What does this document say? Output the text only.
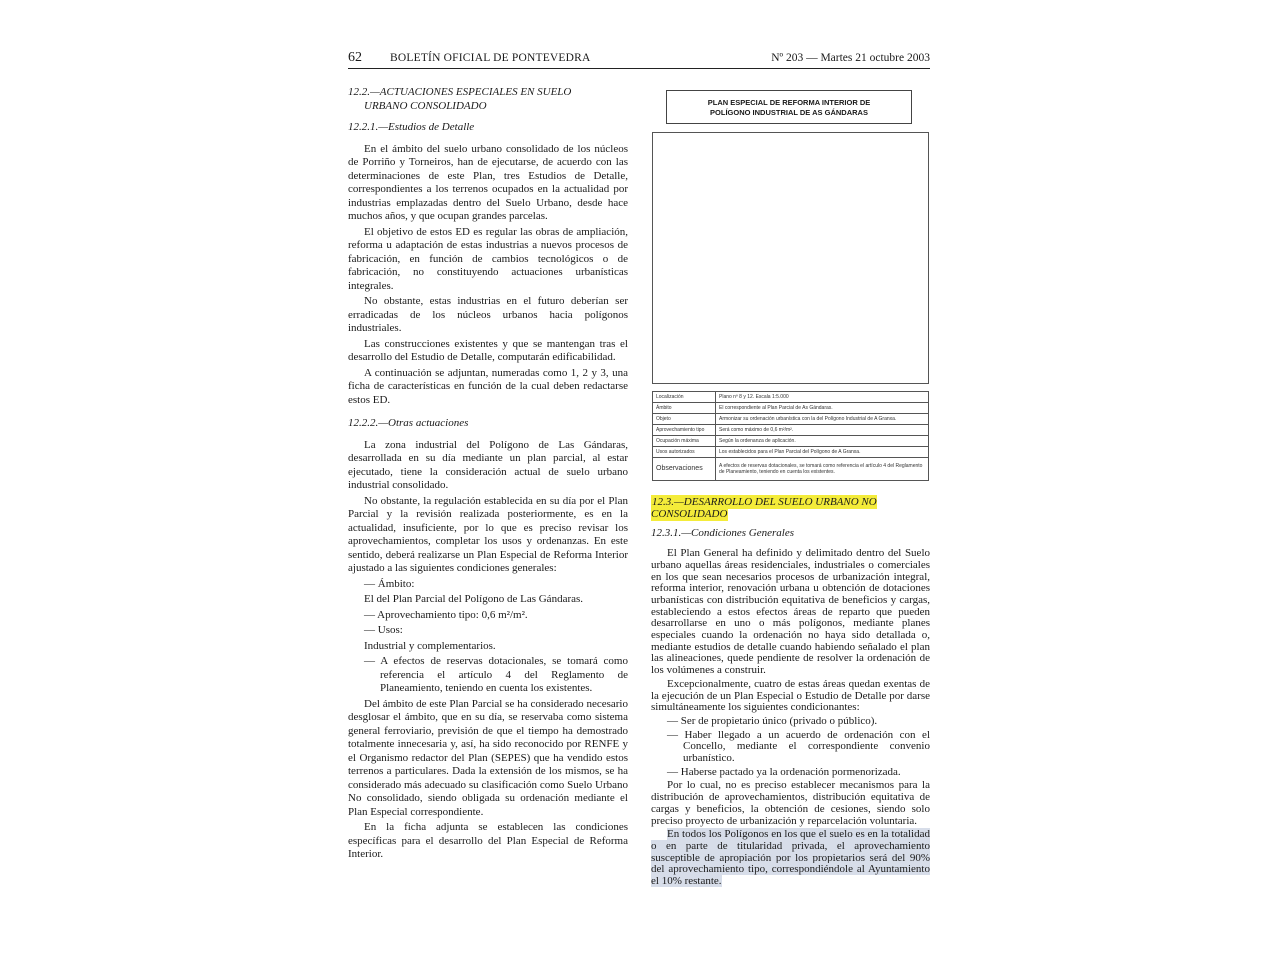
62 BOLETÍN OFICIAL DE PONTEVEDRA	Nº 203 — Martes 21 octubre 2003

12.2.—ACTUACIONES ESPECIALES EN SUELO
URBANO CONSOLIDADO

12.2.1.—Estudios de Detalle

En el ámbito del suelo urbano consolidado de los núcleos de Porriño y Torneiros, han de ejecutarse, de acuerdo con las determinaciones de este Plan, tres Estudios de Detalle, correspondientes a los terrenos ocupados en la actualidad por industrias emplazadas dentro del Suelo Urbano, desde hace muchos años, y que ocupan grandes parcelas.

El objetivo de estos ED es regular las obras de ampliación, reforma u adaptación de estas industrias a nuevos procesos de fabricación, en función de cambios tecnológicos o de fabricación, no constituyendo actuaciones urbanísticas integrales.

No obstante, estas industrias en el futuro deberían ser erradicadas de los núcleos urbanos hacia polígonos industriales.

Las construcciones existentes y que se mantengan tras el desarrollo del Estudio de Detalle, computarán edificabilidad.

A continuación se adjuntan, numeradas como 1, 2 y 3, una ficha de características en función de la cual deben redactarse estos ED.

12.2.2.—Otras actuaciones

La zona industrial del Polígono de Las Gándaras, desarrollada en su día mediante un plan parcial, al estar ejecutado, tiene la consideración actual de suelo urbano industrial consolidado.

No obstante, la regulación establecida en su día por el Plan Parcial y la revisión realizada posteriormente, es en la actualidad, insuficiente, por lo que es preciso revisar los aprovechamientos, completar los usos y ordenanzas. En este sentido, deberá realizarse un Plan Especial de Reforma Interior ajustado a las siguientes condiciones generales:

— Ámbito:

El del Plan Parcial del Polígono de Las Gándaras.

— Aprovechamiento tipo: 0,6 m²/m².

— Usos:

Industrial y complementarios.

— A efectos de reservas dotacionales, se tomará como referencia el artículo 4 del Reglamento de Planeamiento, teniendo en cuenta los existentes.

Del ámbito de este Plan Parcial se ha considerado necesario desglosar el ámbito, que en su día, se reservaba como sistema general ferroviario, previsión de que el tiempo ha demostrado totalmente innecesaria y, así, ha sido reconocido por RENFE y el Organismo redactor del Plan (SEPES) que ha vendido estos terrenos a particulares. Dada la extensión de los mismos, se ha considerado más adecuado su clasificación como Suelo Urbano No consolidado, siendo obligada su ordenación mediante el Plan Especial correspondiente.

En la ficha adjunta se establecen las condiciones específicas para el desarrollo del Plan Especial de Reforma Interior.

PLAN ESPECIAL DE REFORMA INTERIOR DE
POLÍGONO INDUSTRIAL DE AS GÁNDARAS
Localización	Plano nº 8 y 12. Escala 1:5.000
Ámbito	El correspondiente al Plan Parcial de As Gándaras.
Objeto	Armonizar su ordenación urbanística con la del Polígono Industrial de A Granxa.
Aprovechamiento tipo	Será como máximo de 0,6 m²/m².
Ocupación máxima	Según la ordenanza de aplicación.
Usos autorizados	Los establecidos para el Plan Parcial del Polígono de A Granxa.
Observaciones	A efectos de reservas dotacionales, se tomará como referencia el artículo 4 del Reglamento de Planeamiento, teniendo en cuenta los existentes.

12.3.—DESARROLLO DEL SUELO URBANO NO CONSOLIDADO

12.3.1.—Condiciones Generales

El Plan General ha definido y delimitado dentro del Suelo urbano aquellas áreas residenciales, industriales o comerciales en los que sean necesarios procesos de urbanización integral, reforma interior, renovación urbana u obtención de dotaciones urbanísticas con distribución equitativa de beneficios y cargas, estableciendo a estos efectos áreas de reparto que pueden desarrollarse en uno o más polígonos, mediante planes especiales cuando la ordenación no haya sido detallada o, mediante estudios de detalle cuando habiendo señalado el plan las alineaciones, quede pendiente de resolver la ordenación de los volúmenes a construir.

Excepcionalmente, cuatro de estas áreas quedan exentas de la ejecución de un Plan Especial o Estudio de Detalle por darse simultáneamente los siguientes condicionantes:

— Ser de propietario único (privado o público).

— Haber llegado a un acuerdo de ordenación con el Concello, mediante el correspondiente convenio urbanístico.

— Haberse pactado ya la ordenación pormenorizada.

Por lo cual, no es preciso establecer mecanismos para la distribución de aprovechamientos, distribución equitativa de cargas y beneficios, la obtención de cesiones, siendo solo preciso proyecto de urbanización y reparcelación voluntaria.

En todos los Polígonos en los que el suelo es en la totalidad o en parte de titularidad privada, el aprovechamiento susceptible de apropiación por los propietarios será del 90% del aprovechamiento tipo, correspondiéndole al Ayuntamiento el 10% restante.
